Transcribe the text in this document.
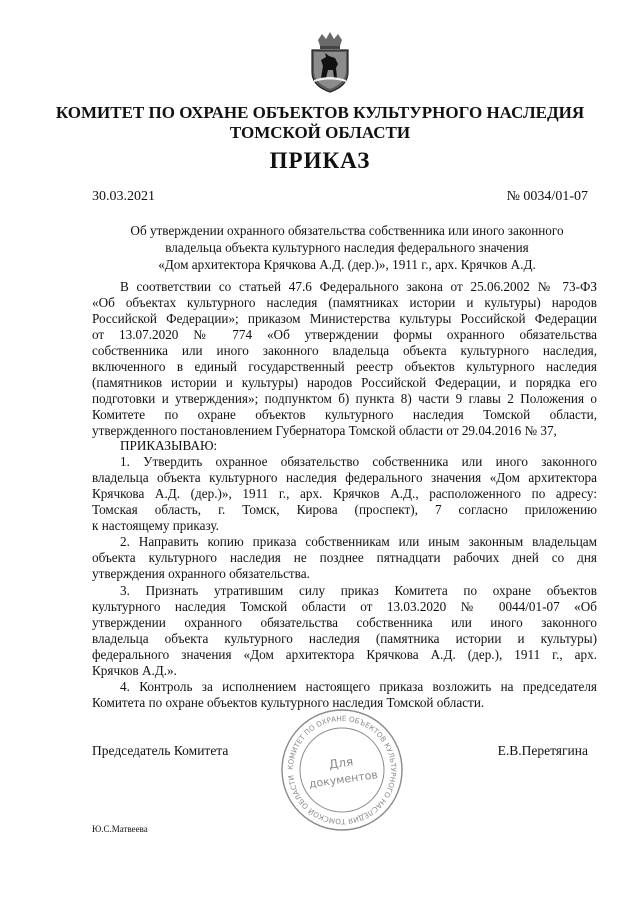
КОМИТЕТ ПО ОХРАНЕ ОБЪЕКТОВ КУЛЬТУРНОГО НАСЛЕДИЯ
ТОМСКОЙ ОБЛАСТИ
ПРИКАЗ
30.03.2021	№ 0034/01-07
Об утверждении охранного обязательства собственника или иного законного
владельца объекта культурного наследия федерального значения
«Дом архитектора Крячкова А.Д. (дер.)», 1911 г., арх. Крячков А.Д.
В соответствии со статьей 47.6 Федерального закона от 25.06.2002 № 73-ФЗ
«Об объектах культурного наследия (памятниках истории и культуры) народов
Российской Федерации»; приказом Министерства культуры Российской Федерации
от 13.07.2020 № 774 «Об утверждении формы охранного обязательства
собственника или иного законного владельца объекта культурного наследия,
включенного в единый государственный реестр объектов культурного наследия
(памятников истории и культуры) народов Российской Федерации, и порядка его
подготовки и утверждения»; подпунктом б) пункта 8) части 9 главы 2 Положения о
Комитете по охране объектов культурного наследия Томской области,
утвержденного постановлением Губернатора Томской области от 29.04.2016 № 37,
ПРИКАЗЫВАЮ:
1. Утвердить охранное обязательство собственника или иного законного
владельца объекта культурного наследия федерального значения «Дом архитектора
Крячкова А.Д. (дер.)», 1911 г., арх. Крячков А.Д., расположенного по адресу:
Томская область, г. Томск, Кирова (проспект), 7 согласно приложению
к настоящему приказу.
2. Направить копию приказа собственникам или иным законным владельцам
объекта культурного наследия не позднее пятнадцати рабочих дней со дня
утверждения охранного обязательства.
3. Признать утратившим силу приказ Комитета по охране объектов
культурного наследия Томской области от 13.03.2020 № 0044/01-07 «Об
утверждении охранного обязательства собственника или иного законного
владельца объекта культурного наследия (памятника истории и культуры)
федерального значения «Дом архитектора Крячкова А.Д. (дер.), 1911 г., арх.
Крячков А.Д.».
4. Контроль за исполнением настоящего приказа возложить на председателя
Комитета по охране объектов культурного наследия Томской области.
Председатель Комитета	Е.В.Перетягина
КОМИТЕТ ПО ОХРАНЕ ОБЪЕКТОВ КУЛЬТУРНОГО НАСЛЕДИЯ ТОМСКОЙ ОБЛАСТИ
Для
документов
Ю.С.Матвеева
